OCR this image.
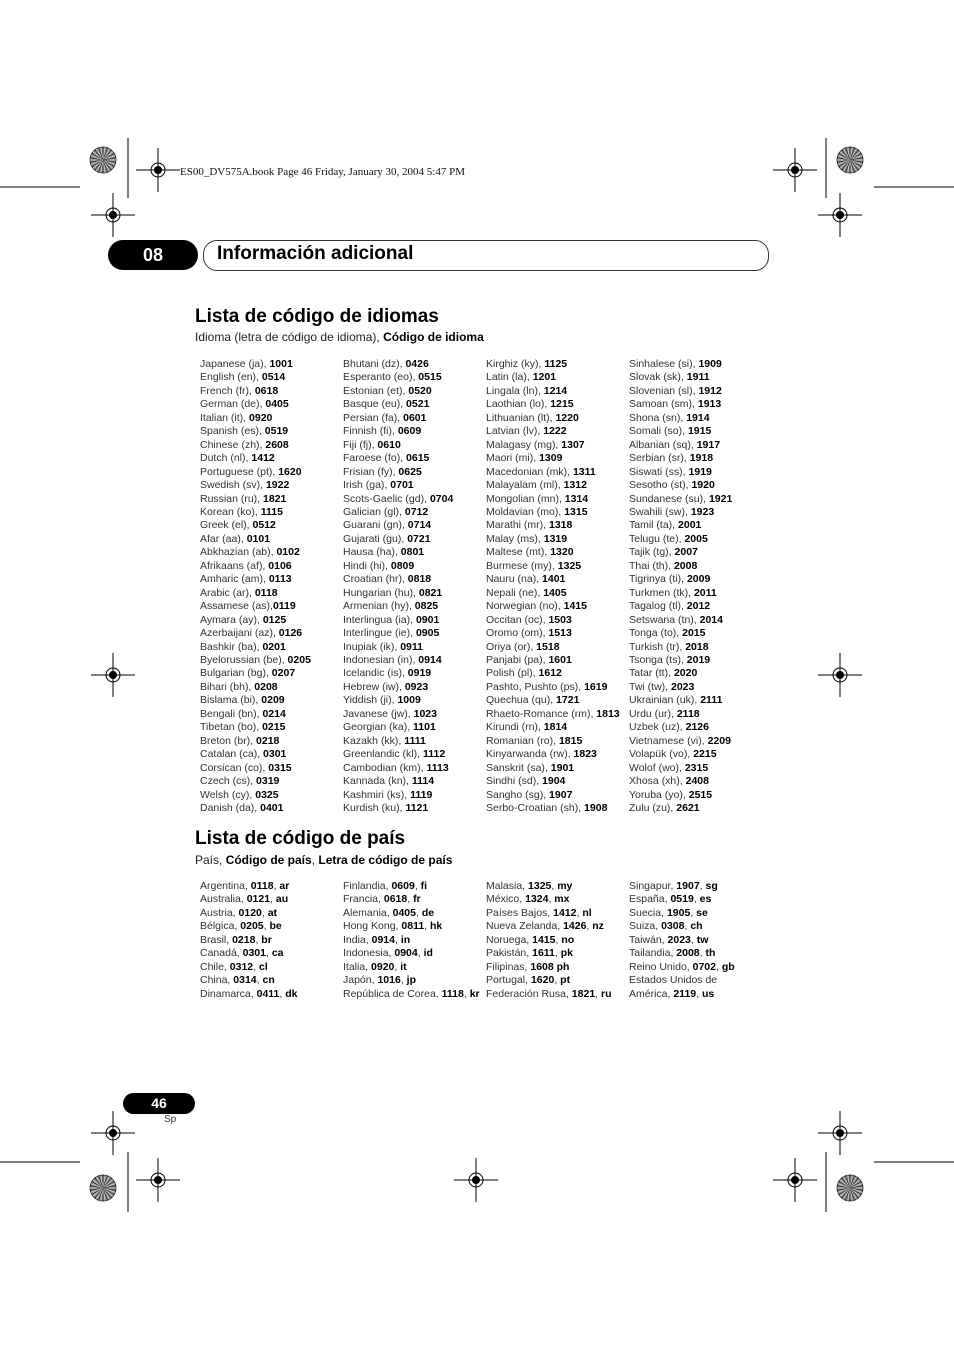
ES00_DV575A.book Page 46 Friday, January 30, 2004 5:47 PM
08	Información adicional
Lista de código de idiomas
Idioma (letra de código de idioma), Código de idioma
Japanese (ja), 1001
English (en), 0514
French (fr), 0618
German (de), 0405
Italian (it), 0920
Spanish (es), 0519
Chinese (zh), 2608
Dutch (nl), 1412
Portuguese (pt), 1620
Swedish (sv), 1922
Russian (ru), 1821
Korean (ko), 1115
Greek (el), 0512
Afar (aa), 0101
Abkhazian (ab), 0102
Afrikaans (af), 0106
Amharic (am), 0113
Arabic (ar), 0118
Assamese (as),0119
Aymara (ay), 0125
Azerbaijani (az), 0126
Bashkir (ba), 0201
Byelorussian (be), 0205
Bulgarian (bg), 0207
Bihari (bh), 0208
Bislama (bi), 0209
Bengali (bn), 0214
Tibetan (bo), 0215
Breton (br), 0218
Catalan (ca), 0301
Corsican (co), 0315
Czech (cs), 0319
Welsh (cy), 0325
Danish (da), 0401
Bhutani (dz), 0426
Esperanto (eo), 0515
Estonian (et), 0520
Basque (eu), 0521
Persian (fa), 0601
Finnish (fi), 0609
Fiji (fj), 0610
Faroese (fo), 0615
Frisian (fy), 0625
Irish (ga), 0701
Scots-Gaelic (gd), 0704
Galician (gl), 0712
Guarani (gn), 0714
Gujarati (gu), 0721
Hausa (ha), 0801
Hindi (hi), 0809
Croatian (hr), 0818
Hungarian (hu), 0821
Armenian (hy), 0825
Interlingua (ia), 0901
Interlingue (ie), 0905
Inupiak (ik), 0911
Indonesian (in), 0914
Icelandic (is), 0919
Hebrew (iw), 0923
Yiddish (ji), 1009
Javanese (jw), 1023
Georgian (ka), 1101
Kazakh (kk), 1111
Greenlandic (kl), 1112
Cambodian (km), 1113
Kannada (kn), 1114
Kashmiri (ks), 1119
Kurdish (ku), 1121
Kirghiz (ky), 1125
Latin (la), 1201
Lingala (ln), 1214
Laothian (lo), 1215
Lithuanian (lt), 1220
Latvian (lv), 1222
Malagasy (mg), 1307
Maori (mi), 1309
Macedonian (mk), 1311
Malayalam (ml), 1312
Mongolian (mn), 1314
Moldavian (mo), 1315
Marathi (mr), 1318
Malay (ms), 1319
Maltese (mt), 1320
Burmese (my), 1325
Nauru (na), 1401
Nepali (ne), 1405
Norwegian (no), 1415
Occitan (oc), 1503
Oromo (om), 1513
Oriya (or), 1518
Panjabi (pa), 1601
Polish (pl), 1612
Pashto, Pushto (ps), 1619
Quechua (qu), 1721
Rhaeto-Romance (rm), 1813
Kirundi (rn), 1814
Romanian (ro), 1815
Kinyarwanda (rw), 1823
Sanskrit (sa), 1901
Sindhi (sd), 1904
Sangho (sg), 1907
Serbo-Croatian (sh), 1908
Sinhalese (si), 1909
Slovak (sk), 1911
Slovenian (sl), 1912
Samoan (sm), 1913
Shona (sn), 1914
Somali (so), 1915
Albanian (sq), 1917
Serbian (sr), 1918
Siswati (ss), 1919
Sesotho (st), 1920
Sundanese (su), 1921
Swahili (sw), 1923
Tamil (ta), 2001
Telugu (te), 2005
Tajik (tg), 2007
Thai (th), 2008
Tigrinya (ti), 2009
Turkmen (tk), 2011
Tagalog (tl), 2012
Setswana (tn), 2014
Tonga (to), 2015
Turkish (tr), 2018
Tsonga (ts), 2019
Tatar (tt), 2020
Twi (tw), 2023
Ukrainian (uk), 2111
Urdu (ur), 2118
Uzbek (uz), 2126
Vietnamese (vi), 2209
Volapük (vo), 2215
Wolof (wo), 2315
Xhosa (xh), 2408
Yoruba (yo), 2515
Zulu (zu), 2621
Lista de código de país
País, Código de país, Letra de código de país
Argentina, 0118, ar
Australia, 0121, au
Austria, 0120, at
Bélgica, 0205, be
Brasil, 0218, br
Canadá, 0301, ca
Chile, 0312, cl
China, 0314, cn
Dinamarca, 0411, dk
Finlandia, 0609, fi
Francia, 0618, fr
Alemania, 0405, de
Hong Kong, 0811, hk
India, 0914, in
Indonesia, 0904, id
Italia, 0920, it
Japón, 1016, jp
República de Corea, 1118, kr
Malasia, 1325, my
México, 1324, mx
Países Bajos, 1412, nl
Nueva Zelanda, 1426, nz
Noruega, 1415, no
Pakistán, 1611, pk
Filipinas, 1608 ph
Portugal, 1620, pt
Federación Rusa, 1821, ru
Singapur, 1907, sg
España, 0519, es
Suecia, 1905, se
Suiza, 0308, ch
Taiwán, 2023, tw
Tailandia, 2008, th
Reino Unido, 0702, gb
Estados Unidos de
América, 2119, us
46
Sp
